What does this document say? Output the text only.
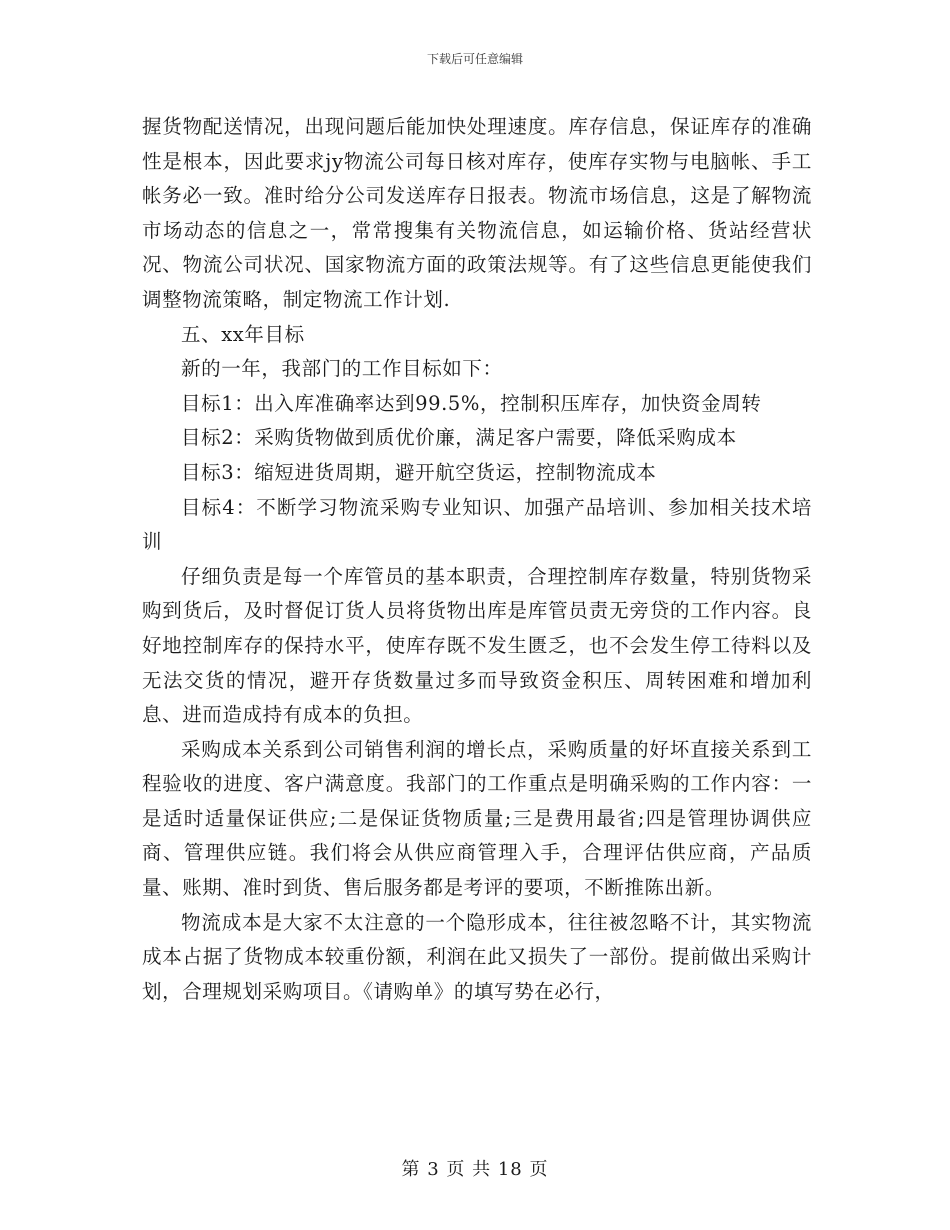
下载后可任意编辑

握货物配送情况，出现问题后能加快处理速度。库存信息，保证库存的准确性是根本，因此要求jy物流公司每日核对库存，使库存实物与电脑帐、手工帐务必一致。准时给分公司发送库存日报表。物流市场信息，这是了解物流市场动态的信息之一，常常搜集有关物流信息，如运输价格、货站经营状况、物流公司状况、国家物流方面的政策法规等。有了这些信息更能使我们调整物流策略，制定物流工作计划.

五、xx年目标

新的一年，我部门的工作目标如下：

目标1：出入库准确率达到99.5%，控制积压库存，加快资金周转

目标2：采购货物做到质优价廉，满足客户需要，降低采购成本

目标3：缩短进货周期，避开航空货运，控制物流成本

目标4：不断学习物流采购专业知识、加强产品培训、参加相关技术培训

仔细负责是每一个库管员的基本职责，合理控制库存数量，特别货物采购到货后，及时督促订货人员将货物出库是库管员责无旁贷的工作内容。良好地控制库存的保持水平，使库存既不发生匮乏，也不会发生停工待料以及无法交货的情况，避开存货数量过多而导致资金积压、周转困难和增加利息、进而造成持有成本的负担。

采购成本关系到公司销售利润的增长点，采购质量的好坏直接关系到工程验收的进度、客户满意度。我部门的工作重点是明确采购的工作内容：一是适时适量保证供应;二是保证货物质量;三是费用最省;四是管理协调供应商、管理供应链。我们将会从供应商管理入手，合理评估供应商，产品质量、账期、准时到货、售后服务都是考评的要项，不断推陈出新。

物流成本是大家不太注意的一个隐形成本，往往被忽略不计，其实物流成本占据了货物成本较重份额，利润在此又损失了一部份。提前做出采购计划，合理规划采购项目。《请购单》的填写势在必行，

第 3 页 共 18 页
